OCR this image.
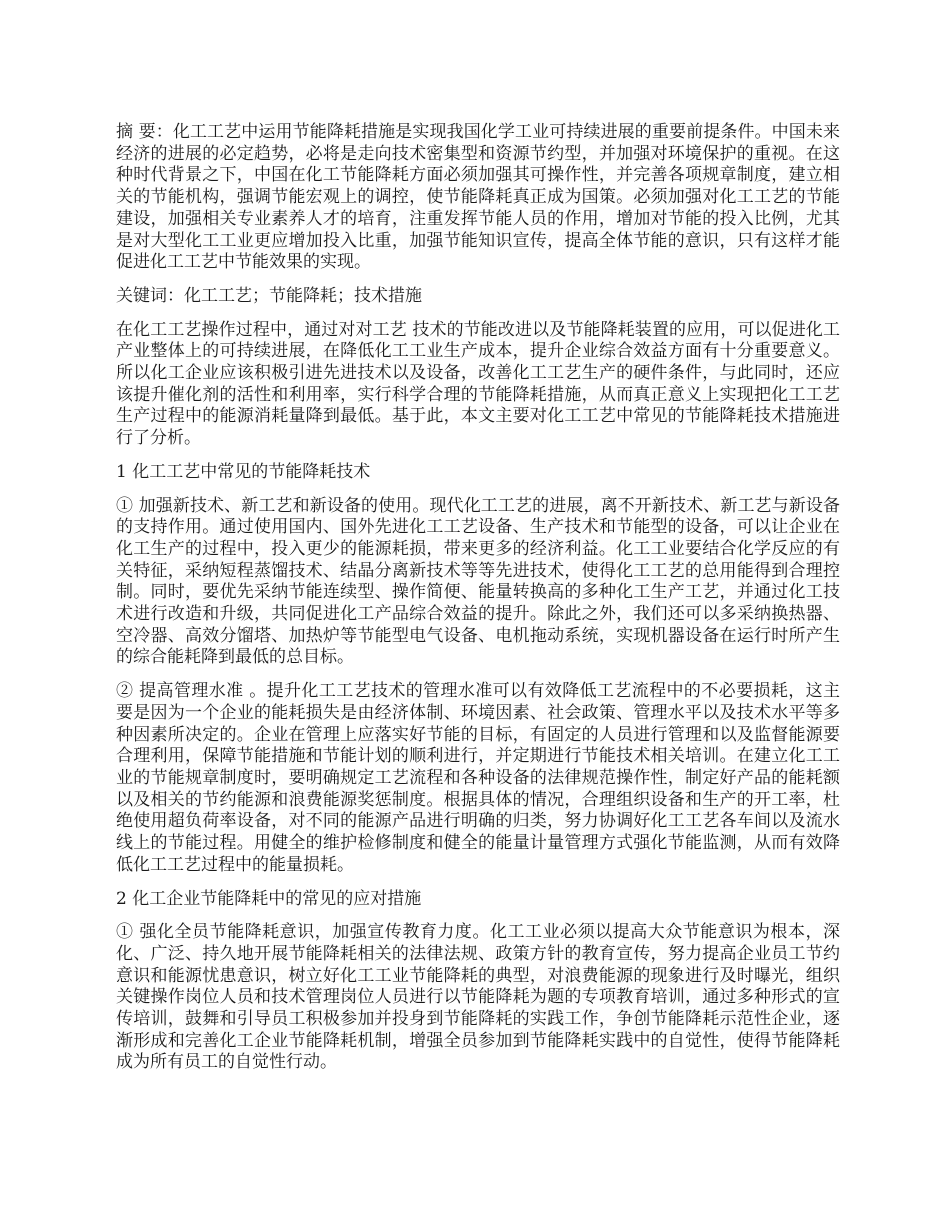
摘 要：化工工艺中运用节能降耗措施是实现我国化学工业可持续进展的重要前提条件。中国未来经济的进展的必定趋势，必将是走向技术密集型和资源节约型，并加强对环境保护的重视。在这种时代背景之下，中国在化工节能降耗方面必须加强其可操作性，并完善各项规章制度，建立相关的节能机构，强调节能宏观上的调控，使节能降耗真正成为国策。必须加强对化工工艺的节能建设，加强相关专业素养人才的培育，注重发挥节能人员的作用，增加对节能的投入比例，尤其是对大型化工工业更应增加投入比重，加强节能知识宣传，提高全体节能的意识，只有这样才能促进化工工艺中节能效果的实现。

关键词：化工工艺；节能降耗；技术措施

在化工工艺操作过程中，通过对对工艺 技术的节能改进以及节能降耗装置的应用，可以促进化工产业整体上的可持续进展，在降低化工工业生产成本，提升企业综合效益方面有十分重要意义。所以化工企业应该积极引进先进技术以及设备，改善化工工艺生产的硬件条件，与此同时，还应该提升催化剂的活性和利用率，实行科学合理的节能降耗措施，从而真正意义上实现把化工工艺生产过程中的能源消耗量降到最低。基于此，本文主要对化工工艺中常见的节能降耗技术措施进行了分析。

1 化工工艺中常见的节能降耗技术

① 加强新技术、新工艺和新设备的使用。现代化工工艺的进展，离不开新技术、新工艺与新设备的支持作用。通过使用国内、国外先进化工工艺设备、生产技术和节能型的设备，可以让企业在化工生产的过程中，投入更少的能源耗损，带来更多的经济利益。化工工业要结合化学反应的有关特征，采纳短程蒸馏技术、结晶分离新技术等等先进技术，使得化工工艺的总用能得到合理控制。同时，要优先采纳节能连续型、操作简便、能量转换高的多种化工生产工艺，并通过化工技术进行改造和升级，共同促进化工产品综合效益的提升。除此之外，我们还可以多采纳换热器、空冷器、高效分馏塔、加热炉等节能型电气设备、电机拖动系统，实现机器设备在运行时所产生的综合能耗降到最低的总目标。

② 提高管理水准 。提升化工工艺技术的管理水准可以有效降低工艺流程中的不必要损耗，这主要是因为一个企业的能耗损失是由经济体制、环境因素、社会政策、管理水平以及技术水平等多种因素所决定的。企业在管理上应落实好节能的目标，有固定的人员进行管理和以及监督能源要合理利用，保障节能措施和节能计划的顺利进行，并定期进行节能技术相关培训。在建立化工工业的节能规章制度时，要明确规定工艺流程和各种设备的法律规范操作性，制定好产品的能耗额以及相关的节约能源和浪费能源奖惩制度。根据具体的情况，合理组织设备和生产的开工率，杜绝使用超负荷率设备，对不同的能源产品进行明确的归类，努力协调好化工工艺各车间以及流水线上的节能过程。用健全的维护检修制度和健全的能量计量管理方式强化节能监测，从而有效降低化工工艺过程中的能量损耗。

2 化工企业节能降耗中的常见的应对措施

① 强化全员节能降耗意识，加强宣传教育力度。化工工业必须以提高大众节能意识为根本，深化、广泛、持久地开展节能降耗相关的法律法规、政策方针的教育宣传，努力提高企业员工节约意识和能源忧患意识，树立好化工工业节能降耗的典型，对浪费能源的现象进行及时曝光，组织关键操作岗位人员和技术管理岗位人员进行以节能降耗为题的专项教育培训，通过多种形式的宣传培训，鼓舞和引导员工积极参加并投身到节能降耗的实践工作，争创节能降耗示范性企业，逐渐形成和完善化工企业节能降耗机制，增强全员参加到节能降耗实践中的自觉性，使得节能降耗成为所有员工的自觉性行动。
